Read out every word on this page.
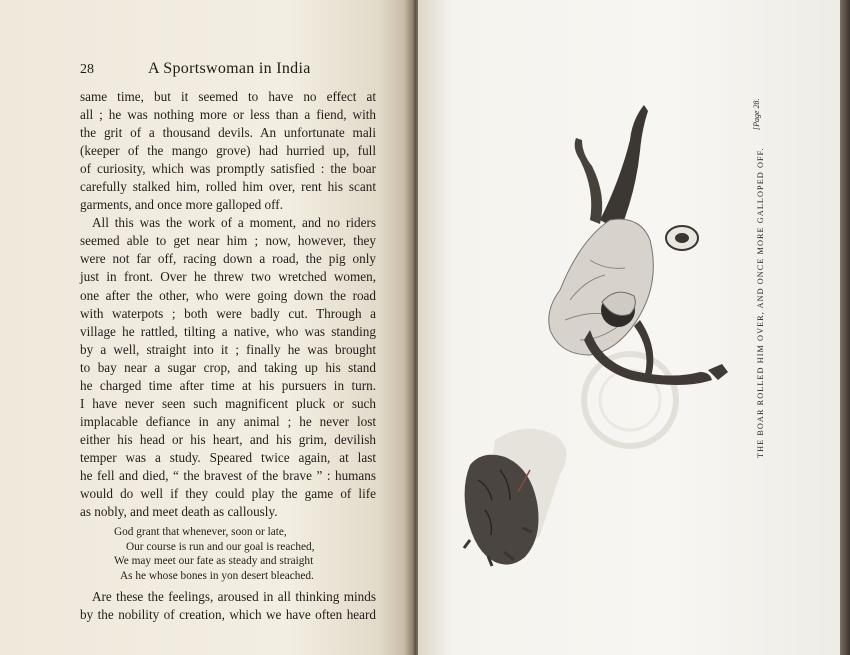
28	A Sportswoman in India
same time, but it seemed to have no effect at
all ; he was nothing more or less than a fiend, with
the grit of a thousand devils. An unfortunate mali
(keeper of the mango grove) had hurried up, full
of curiosity, which was promptly satisfied : the boar
carefully stalked him, rolled him over, rent his scant
garments, and once more galloped off.
All this was the work of a moment, and no riders
seemed able to get near him ; now, however, they
were not far off, racing down a road, the pig only
just in front. Over he threw two wretched women,
one after the other, who were going down the road
with waterpots ; both were badly cut. Through a
village he rattled, tilting a native, who was standing
by a well, straight into it ; finally he was brought
to bay near a sugar crop, and taking up his stand
he charged time after time at his pursuers in turn.
I have never seen such magnificent pluck or such
implacable defiance in any animal ; he never lost
either his head or his heart, and his grim, devilish
temper was a study. Speared twice again, at last
he fell and died, “ the bravest of the brave ” : humans
would do well if they could play the game of life
as nobly, and meet death as callously.
God grant that whenever, soon or late,
Our course is run and our goal is reached,
We may meet our fate as steady and straight
As he whose bones in yon desert bleached.
Are these the feelings, aroused in all thinking minds
by the nobility of creation, which we have often heard
THE BOAR ROLLED HIM OVER, AND ONCE MORE GALLOPED OFF.
[Page 28.
